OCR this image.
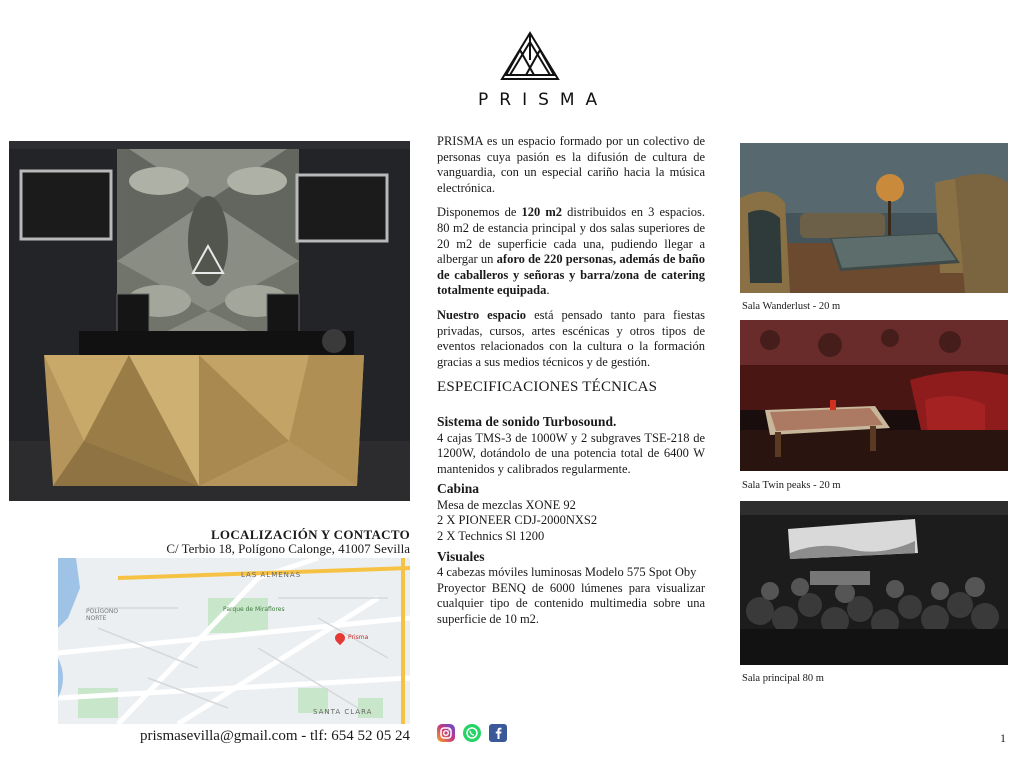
PRISMA
LOCALIZACIÓN Y CONTACTO
C/ Terbio 18, Polígono Calonge, 41007 Sevilla
LAS ALMENAS
POLÍGONO NORTE
SANTA CLARA
Parque de Miraflores
Prisma
prismasevilla@gmail.com - tlf: 654 52 05 24

PRISMA es un espacio formado por un colectivo de personas cuya pasión es la difusión de cultura de vanguardia, con un especial cariño hacia la música electrónica.

Disponemos de 120 m2 distribuidos en 3 espacios. 80 m2 de estancia principal y dos salas superiores de 20 m2 de superficie cada una, pudiendo llegar a albergar un aforo de 220 personas, además de baño de caballeros y señoras y barra/zona de catering totalmente equipada.

Nuestro espacio está pensado tanto para fiestas privadas, cursos, artes escénicas y otros tipos de eventos relacionados con la cultura o la formación gracias a sus medios técnicos y de gestión.

ESPECIFICACIONES TÉCNICAS
Sistema de sonido Turbosound.

4 cajas TMS-3 de 1000W y 2 subgraves TSE-218 de 1200W, dotándolo de una potencia total de 6400 W mantenidos y calibrados regularmente.

Cabina
Mesa de mezclas XONE 92
2 X PIONEER CDJ-2000NXS2
2 X Technics Sl 1200
Visuales

4 cabezas móviles luminosas Modelo 575 Spot Oby

Proyector BENQ de 6000 lúmenes para visualizar cualquier tipo de contenido multimedia sobre una superficie de 10 m2.

Sala Wanderlust - 20 m
Sala Twin peaks - 20 m
Sala principal 80 m
1
